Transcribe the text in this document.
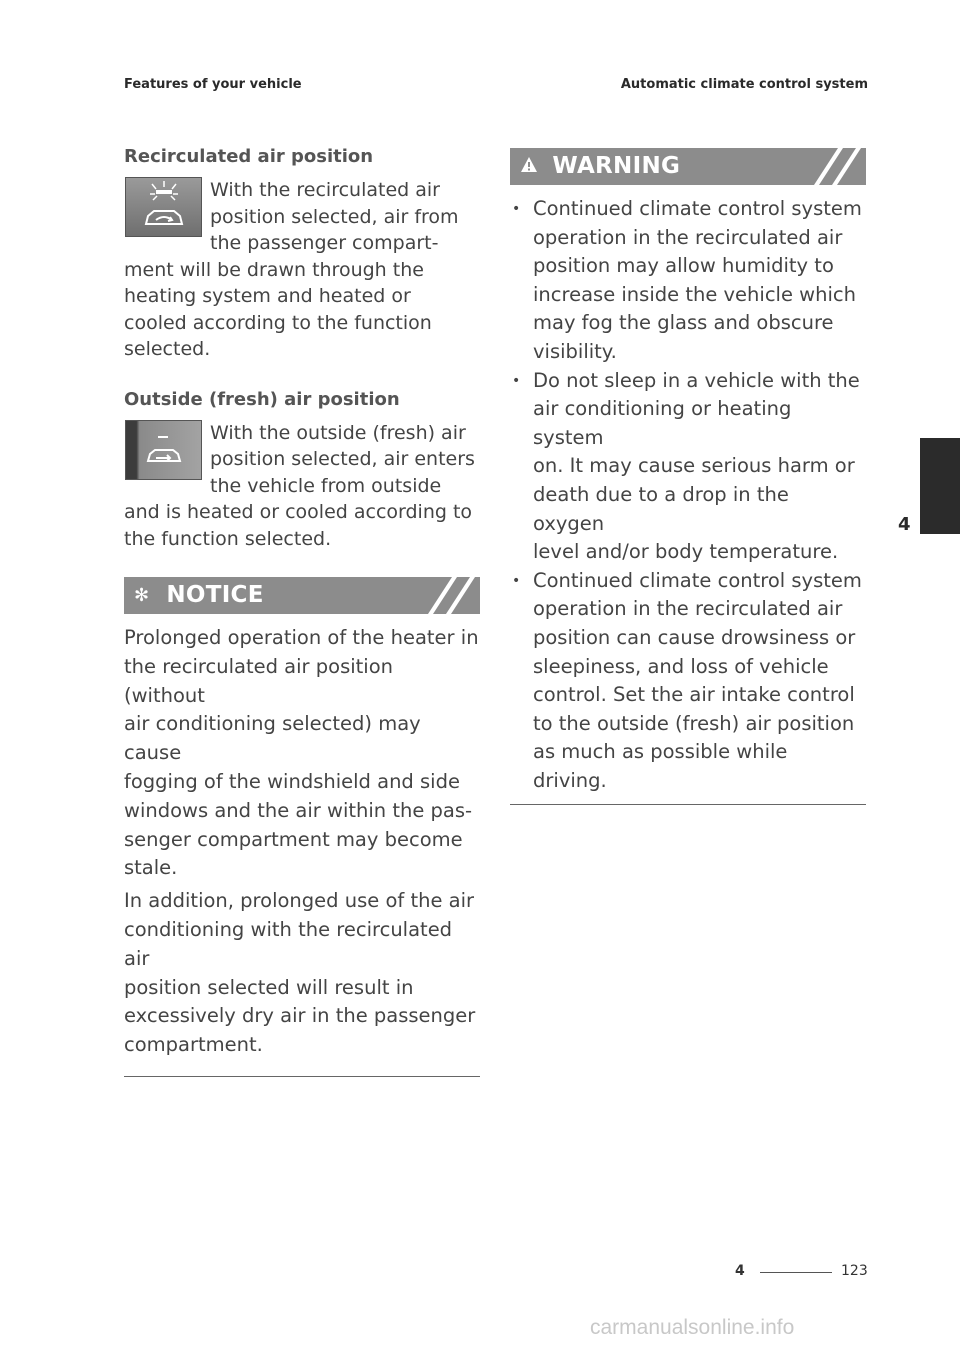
Features of your vehicle	Automatic climate control system
Recirculated air position

With the recirculated air

position selected, air from

the passenger compart‐

ment will be drawn through the

heating system and heated or

cooled according to the function

selected.

Outside (fresh) air position

With the outside (fresh) air

position selected, air enters

the vehicle from outside

and is heated or cooled according to

the function selected.

✻ NOTICE
Prolonged operation of the heater in
the recirculated air position (without
air conditioning selected) may cause
fogging of the windshield and side
windows and the air within the pas‐
senger compartment may become
stale.
In addition, prolonged use of the air
conditioning with the recirculated air
position selected will result in
excessively dry air in the passenger
compartment.
WARNING
• Continued climate control system
operation in the recirculated air
position may allow humidity to
increase inside the vehicle which
may fog the glass and obscure
visibility.
• Do not sleep in a vehicle with the
air conditioning or heating system
on. It may cause serious harm or
death due to a drop in the oxygen
level and/or body temperature.
• Continued climate control system
operation in the recirculated air
position can cause drowsiness or
sleepiness, and loss of vehicle
control. Set the air intake control
to the outside (fresh) air position
as much as possible while driving.
4
4	123
carmanualsonline.info
